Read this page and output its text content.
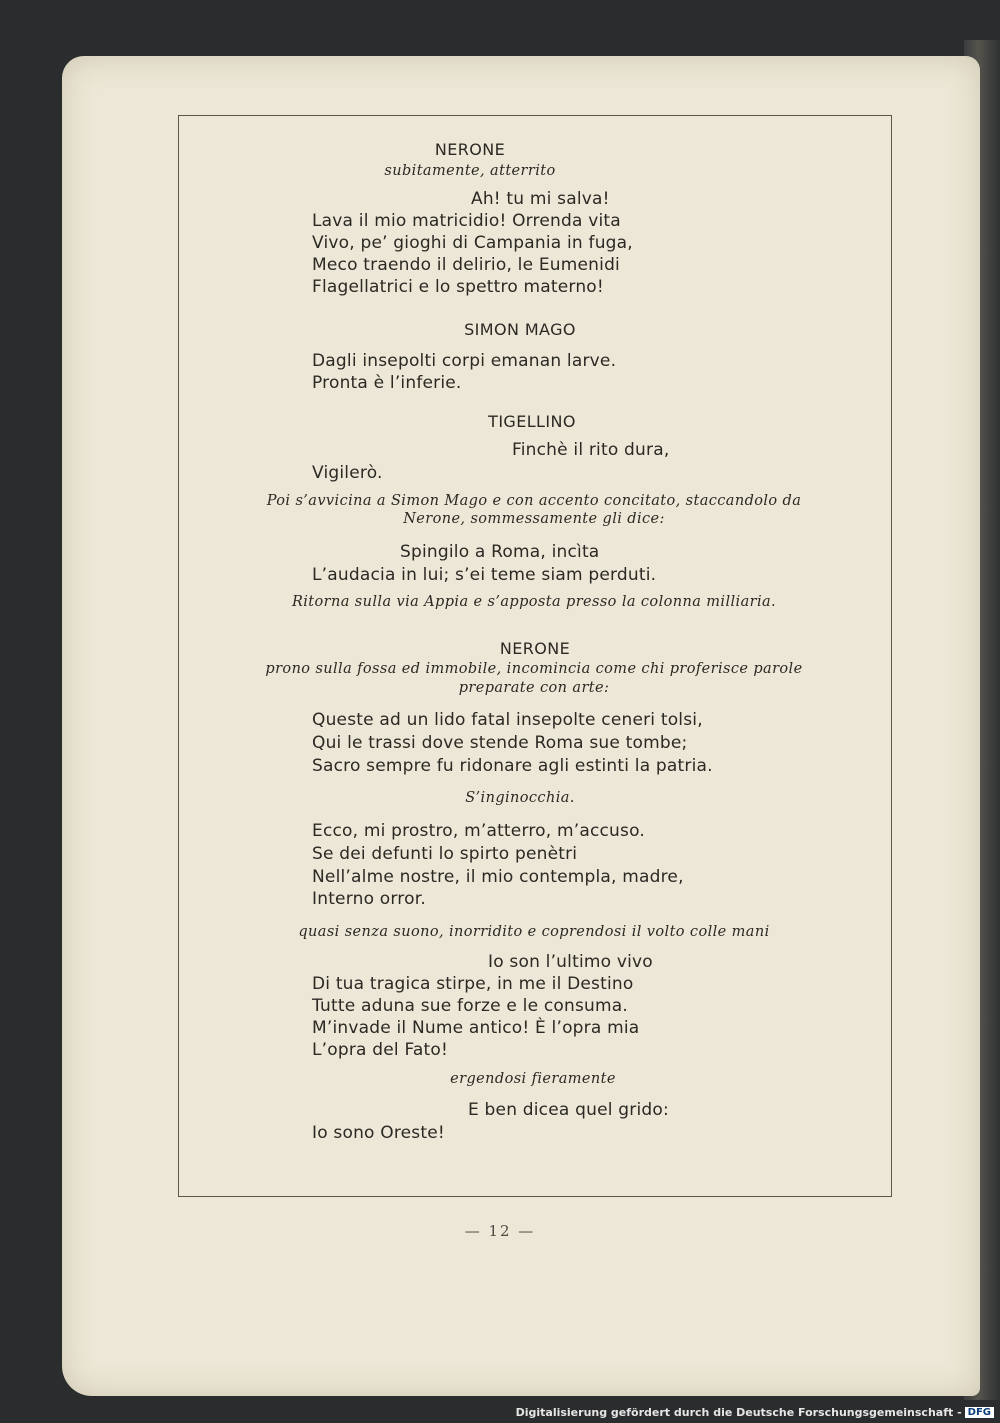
NERONE
subitamente, atterrito
Ah! tu mi salva!
Lava il mio matricidio! Orrenda vita
Vivo, pe’ gioghi di Campania in fuga,
Meco traendo il delirio, le Eumenidi
Flagellatrici e lo spettro materno!
SIMON MAGO
Dagli insepolti corpi emanan larve.
Pronta è l’inferie.
TIGELLINO
Finchè il rito dura,
Vigilerò.
Poi s’avvicina a Simon Mago e con accento concitato, staccandolo da
Nerone, sommessamente gli dice:
Spingilo a Roma, incìta
L’audacia in lui; s’ei teme siam perduti.
Ritorna sulla via Appia e s’apposta presso la colonna milliaria.
NERONE
prono sulla fossa ed immobile, incomincia come chi proferisce parole
preparate con arte:
Queste ad un lido fatal insepolte ceneri tolsi,
Qui le trassi dove stende Roma sue tombe;
Sacro sempre fu ridonare agli estinti la patria.
S’inginocchia.
Ecco, mi prostro, m’atterro, m’accuso.
Se dei defunti lo spirto penètri
Nell’alme nostre, il mio contempla, madre,
Interno orror.
quasi senza suono, inorridito e coprendosi il volto colle mani
Io son l’ultimo vivo
Di tua tragica stirpe, in me il Destino
Tutte aduna sue forze e le consuma.
M’invade il Nume antico! È l’opra mia
L’opra del Fato!
ergendosi fieramente
E ben dicea quel grido:
Io sono Oreste!
— 12 —
Digitalisierung gefördert durch die Deutsche Forschungsgemeinschaft - DFG
